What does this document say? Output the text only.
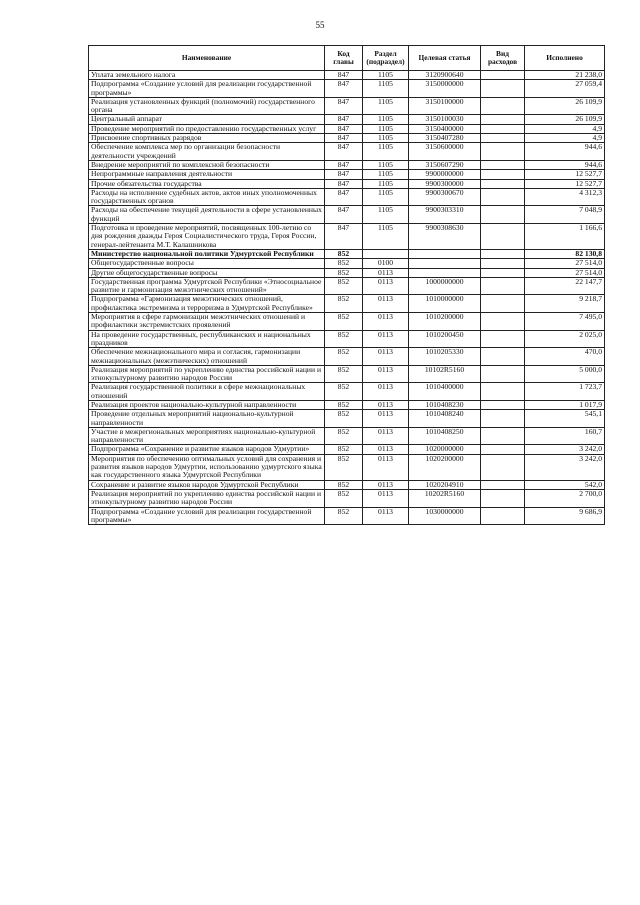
55
Наименование	Код главы	Раздел (подраздел)	Целевая статья	Вид расходов	Исполнено
Уплата земельного налога	847	1105	3120900640		21 238,0
Подпрограмма «Создание условий для реализации государственной программы»	847	1105	3150000000		27 059,4
Реализация установленных функций (полномочий) государственного органа	847	1105	3150100000		26 109,9
Центральный аппарат	847	1105	3150100030		26 109,9
Проведение мероприятий по предоставлению государственных услуг	847	1105	3150400000		4,9
Присвоение спортивных разрядов	847	1105	3150407280		4,9
Обеспечение комплекса мер по организации безопасности деятельности учреждений	847	1105	3150600000		944,6
Внедрение мероприятий по комплексной безопасности	847	1105	3150607290		944,6
Непрограммные направления деятельности	847	1105	9900000000		12 527,7
Прочие обязательства государства	847	1105	9900300000		12 527,7
Расходы на исполнение судебных актов, актов иных уполномоченных государственных органов	847	1105	9900300670		4 312,3
Расходы на обеспечение текущей деятельности в сфере установленных функций	847	1105	9900303310		7 048,9
Подготовка и проведение мероприятий, посвященных 100-летию со дня рождения дважды Героя Социалистического труда, Героя России, генерал-лейтенанта М.Т. Калашникова	847	1105	9900308630		1 166,6
Министерство национальной политики Удмуртской Республики	852				82 130,8
Общегосударственные вопросы	852	0100			27 514,0
Другие общегосударственные вопросы	852	0113			27 514,0
Государственная программа Удмуртской Республики «Этносоциальное развитие и гармонизация межэтнических отношений»	852	0113	1000000000		22 147,7
Подпрограмма «Гармонизация межэтнических отношений, профилактика экстремизма и терроризма в Удмуртской Республике»	852	0113	1010000000		9 218,7
Мероприятия в сфере гармонизации межэтнических отношений и профилактики экстремистских проявлений	852	0113	1010200000		7 495,0
На проведение государственных, республиканских и национальных праздников	852	0113	1010200450		2 025,0
Обеспечение межнационального мира и согласия, гармонизации межнациональных (межэтнических) отношений	852	0113	1010205330		470,0
Реализация мероприятий по укреплению единства российской нации и этнокультурному развитию народов России	852	0113	10102R5160		5 000,0
Реализация государственной политики в сфере межнациональных отношений	852	0113	1010400000		1 723,7
Реализация проектов национально-культурной направленности	852	0113	1010408230		1 017,9
Проведение отдельных мероприятий национально-культурной направленности	852	0113	1010408240		545,1
Участие в межрегиональных мероприятиях национально-культурной направленности	852	0113	1010408250		160,7
Подпрограмма «Сохранение и развитие языков народов Удмуртии»	852	0113	1020000000		3 242,0
Мероприятия по обеспечению оптимальных условий для сохранения и развития языков народов Удмуртии, использованию удмуртского языка как государственного языка Удмуртской Республики	852	0113	1020200000		3 242,0
Сохранение и развитие языков народов Удмуртской Республики	852	0113	1020204910		542,0
Реализация мероприятий по укреплению единства российской нации и этнокультурному развитию народов России	852	0113	10202R5160		2 700,0
Подпрограмма «Создание условий для реализации государственной программы»	852	0113	1030000000		9 686,9
